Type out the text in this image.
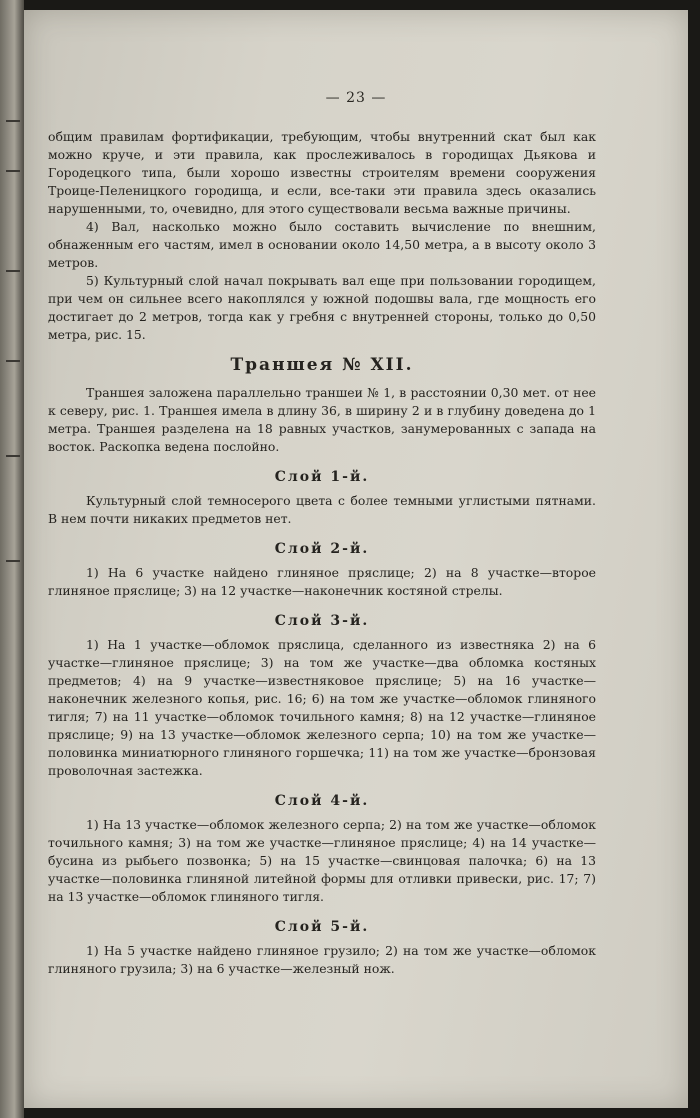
— 23 —

общим правилам фортификации, требующим, чтобы внутренний скат был как можно круче, и эти правила, как прослеживалось в городищах Дьякова и Городецкого типа, были хорошо известны строителям времени сооружения Троице-Пеленицкого городища, и если, все-таки эти правила здесь оказались нарушенными, то, очевидно, для этого существовали весьма важные причины.

4) Вал, насколько можно было составить вычисление по внешним, обнаженным его частям, имел в основании около 14,50 метра, а в высоту около 3 метров.

5) Культурный слой начал покрывать вал еще при пользовании городищем, при чем он сильнее всего накоплялся у южной подошвы вала, где мощность его достигает до 2 метров, тогда как у гребня с внутренней стороны, только до 0,50 метра, рис. 15.

Траншея № XII.

Траншея заложена параллельно траншеи № 1, в расстоянии 0,30 мет. от нее к северу, рис. 1. Траншея имела в длину 36, в ширину 2 и в глубину доведена до 1 метра. Траншея разделена на 18 равных участков, занумерованных с запада на восток. Раскопка ведена послойно.

Слой 1-й.

Культурный слой темносерого цвета с более темными углистыми пятнами. В нем почти никаких предметов нет.

Слой 2-й.

1) На 6 участке найдено глиняное пряслице; 2) на 8 участке—второе глиняное пряслице; 3) на 12 участке—наконечник костяной стрелы.

Слой 3-й.

1) На 1 участке—обломок пряслица, сделанного из известняка 2) на 6 участке—глиняное пряслице; 3) на том же участке—два обломка костяных предметов; 4) на 9 участке—известняковое пряслице; 5) на 16 участке—наконечник железного копья, рис. 16; 6) на том же участке—обломок глиняного тигля; 7) на 11 участке—обломок точильного камня; 8) на 12 участке—глиняное пряслице; 9) на 13 участке—обломок железного серпа; 10) на том же участке—половинка миниатюрного глиняного горшечка; 11) на том же участке—бронзовая проволочная застежка.

Слой 4-й.

1) На 13 участке—обломок железного серпа; 2) на том же участке—обломок точильного камня; 3) на том же участке—глиняное пряслице; 4) на 14 участке—бусина из рыбьего позвонка; 5) на 15 участке—свинцовая палочка; 6) на 13 участке—половинка глиняной литейной формы для отливки привески, рис. 17; 7) на 13 участке—обломок глиняного тигля.

Слой 5-й.

1) На 5 участке найдено глиняное грузило; 2) на том же участке—обломок глиняного грузила; 3) на 6 участке—железный нож.
